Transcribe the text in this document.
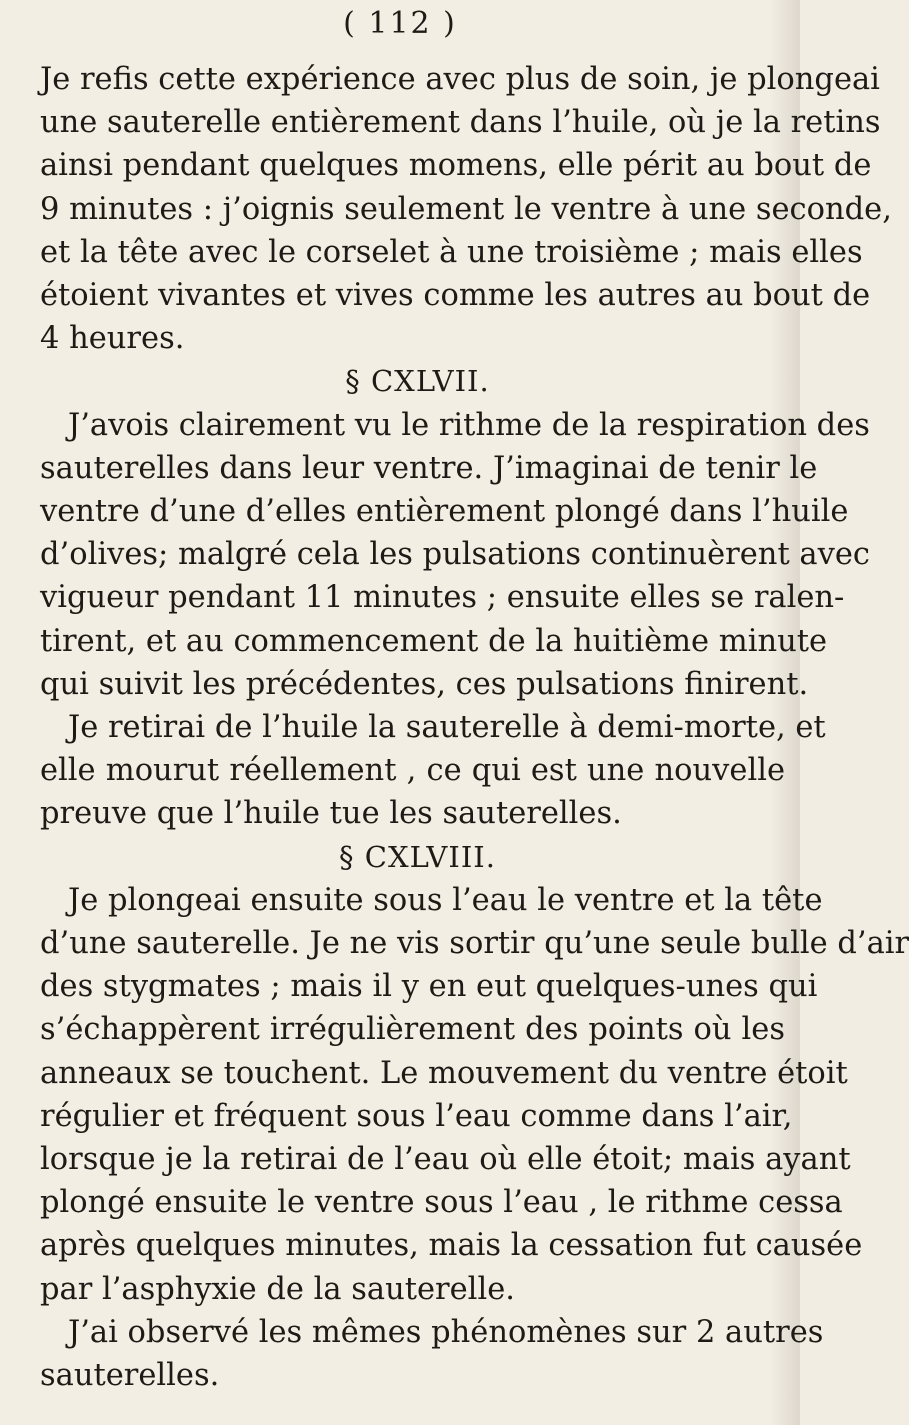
( 112 )
Je refis cette expérience avec plus de soin, je plongeai
une sauterelle entièrement dans l’huile, où je la retins
ainsi pendant quelques momens, elle périt au bout de
9 minutes : j’oignis seulement le ventre à une seconde,
et la tête avec le corselet à une troisième ; mais elles
étoient vivantes et vives comme les autres au bout de
4 heures.
§ CXLVII.
J’avois clairement vu le rithme de la respiration des
sauterelles dans leur ventre. J’imaginai de tenir le
ventre d’une d’elles entièrement plongé dans l’huile
d’olives; malgré cela les pulsations continuèrent avec
vigueur pendant 11 minutes ; ensuite elles se ralen-
tirent, et au commencement de la huitième minute
qui suivit les précédentes, ces pulsations finirent.
Je retirai de l’huile la sauterelle à demi-morte, et
elle mourut réellement , ce qui est une nouvelle
preuve que l’huile tue les sauterelles.
§ CXLVIII.
Je plongeai ensuite sous l’eau le ventre et la tête
d’une sauterelle. Je ne vis sortir qu’une seule bulle d’air
des stygmates ; mais il y en eut quelques-unes qui
s’échappèrent irrégulièrement des points où les
anneaux se touchent. Le mouvement du ventre étoit
régulier et fréquent sous l’eau comme dans l’air,
lorsque je la retirai de l’eau où elle étoit; mais ayant
plongé ensuite le ventre sous l’eau , le rithme cessa
après quelques minutes, mais la cessation fut causée
par l’asphyxie de la sauterelle.
J’ai observé les mêmes phénomènes sur 2 autres
sauterelles.
